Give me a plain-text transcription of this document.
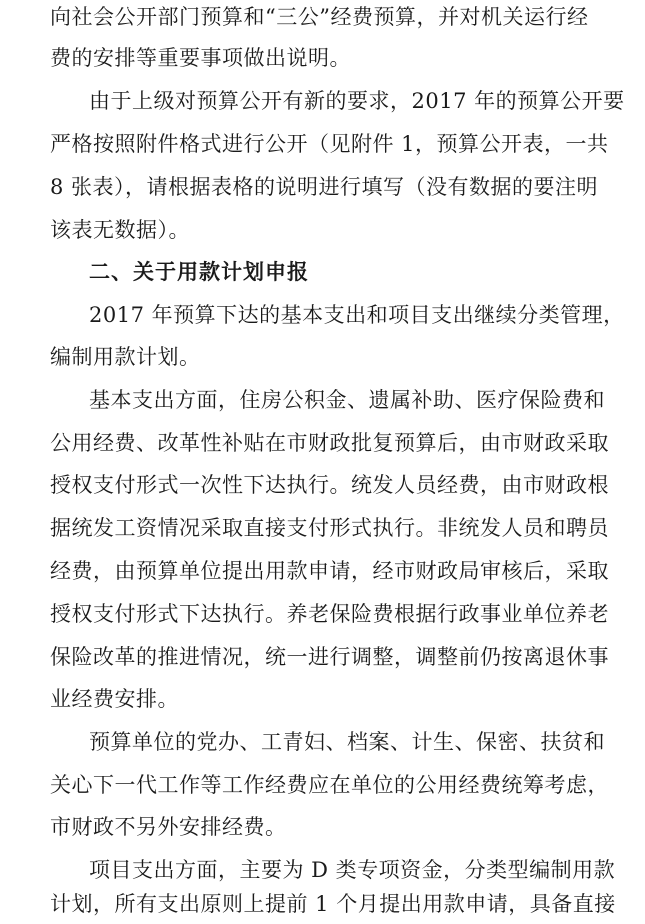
向社会公开部门预算和“三公”经费预算，并对机关运行经

费的安排等重要事项做出说明。

由于上级对预算公开有新的要求，2017 年的预算公开要

严格按照附件格式进行公开（见附件 1，预算公开表，一共

8 张表），请根据表格的说明进行填写（没有数据的要注明

该表无数据）。

二、关于用款计划申报

2017 年预算下达的基本支出和项目支出继续分类管理，

编制用款计划。

基本支出方面，住房公积金、遗属补助、医疗保险费和

公用经费、改革性补贴在市财政批复预算后，由市财政采取

授权支付形式一次性下达执行。统发人员经费，由市财政根

据统发工资情况采取直接支付形式执行。非统发人员和聘员

经费，由预算单位提出用款申请，经市财政局审核后，采取

授权支付形式下达执行。养老保险费根据行政事业单位养老

保险改革的推进情况，统一进行调整，调整前仍按离退休事

业经费安排。

预算单位的党办、工青妇、档案、计生、保密、扶贫和

关心下一代工作等工作经费应在单位的公用经费统筹考虑，

市财政不另外安排经费。

项目支出方面，主要为 D 类专项资金，分类型编制用款

计划，所有支出原则上提前 1 个月提出用款申请，具备直接
